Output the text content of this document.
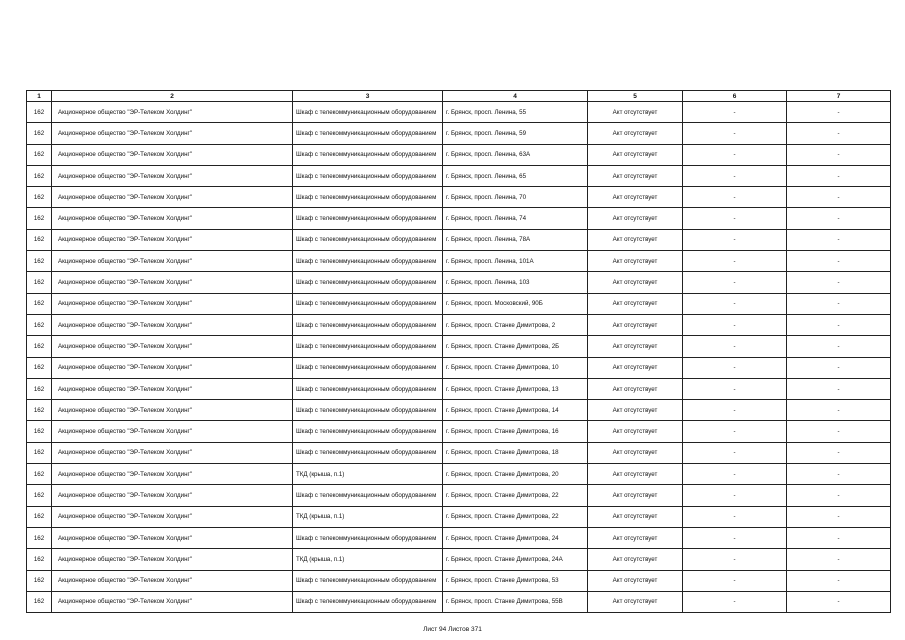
1	2	3	4	5	6	7
162	Акционерное общество "ЭР-Телеком Холдинг"	Шкаф с телекоммуникационным оборудованием	г. Брянск, просп. Ленина, 55	Акт отсутствует	-	-
162	Акционерное общество "ЭР-Телеком Холдинг"	Шкаф с телекоммуникационным оборудованием	г. Брянск, просп. Ленина, 59	Акт отсутствует	-	-
162	Акционерное общество "ЭР-Телеком Холдинг"	Шкаф с телекоммуникационным оборудованием	г. Брянск, просп. Ленина, 63А	Акт отсутствует	-	-
162	Акционерное общество "ЭР-Телеком Холдинг"	Шкаф с телекоммуникационным оборудованием	г. Брянск, просп. Ленина, 65	Акт отсутствует	-	-
162	Акционерное общество "ЭР-Телеком Холдинг"	Шкаф с телекоммуникационным оборудованием	г. Брянск, просп. Ленина, 70	Акт отсутствует	-	-
162	Акционерное общество "ЭР-Телеком Холдинг"	Шкаф с телекоммуникационным оборудованием	г. Брянск, просп. Ленина, 74	Акт отсутствует	-	-
162	Акционерное общество "ЭР-Телеком Холдинг"	Шкаф с телекоммуникационным оборудованием	г. Брянск, просп. Ленина, 78А	Акт отсутствует	-	-
162	Акционерное общество "ЭР-Телеком Холдинг"	Шкаф с телекоммуникационным оборудованием	г. Брянск, просп. Ленина, 101А	Акт отсутствует	-	-
162	Акционерное общество "ЭР-Телеком Холдинг"	Шкаф с телекоммуникационным оборудованием	г. Брянск, просп. Ленина, 103	Акт отсутствует	-	-
162	Акционерное общество "ЭР-Телеком Холдинг"	Шкаф с телекоммуникационным оборудованием	г. Брянск, просп. Московский, 90Б	Акт отсутствует	-	-
162	Акционерное общество "ЭР-Телеком Холдинг"	Шкаф с телекоммуникационным оборудованием	г. Брянск, просп. Станке Димитрова, 2	Акт отсутствует	-	-
162	Акционерное общество "ЭР-Телеком Холдинг"	Шкаф с телекоммуникационным оборудованием	г. Брянск, просп. Станке Димитрова, 2Б	Акт отсутствует	-	-
162	Акционерное общество "ЭР-Телеком Холдинг"	Шкаф с телекоммуникационным оборудованием	г. Брянск, просп. Станке Димитрова, 10	Акт отсутствует	-	-
162	Акционерное общество "ЭР-Телеком Холдинг"	Шкаф с телекоммуникационным оборудованием	г. Брянск, просп. Станке Димитрова, 13	Акт отсутствует	-	-
162	Акционерное общество "ЭР-Телеком Холдинг"	Шкаф с телекоммуникационным оборудованием	г. Брянск, просп. Станке Димитрова, 14	Акт отсутствует	-	-
162	Акционерное общество "ЭР-Телеком Холдинг"	Шкаф с телекоммуникационным оборудованием	г. Брянск, просп. Станке Димитрова, 16	Акт отсутствует	-	-
162	Акционерное общество "ЭР-Телеком Холдинг"	Шкаф с телекоммуникационным оборудованием	г. Брянск, просп. Станке Димитрова, 18	Акт отсутствует	-	-
162	Акционерное общество "ЭР-Телеком Холдинг"	ТКД (крыша, п.1)	г. Брянск, просп. Станке Димитрова, 20	Акт отсутствует	-	-
162	Акционерное общество "ЭР-Телеком Холдинг"	Шкаф с телекоммуникационным оборудованием	г. Брянск, просп. Станке Димитрова, 22	Акт отсутствует	-	-
162	Акционерное общество "ЭР-Телеком Холдинг"	ТКД (крыша, п.1)	г. Брянск, просп. Станке Димитрова, 22	Акт отсутствует	-	-
162	Акционерное общество "ЭР-Телеком Холдинг"	Шкаф с телекоммуникационным оборудованием	г. Брянск, просп. Станке Димитрова, 24	Акт отсутствует	-	-
162	Акционерное общество "ЭР-Телеком Холдинг"	ТКД (крыша, п.1)	г. Брянск, просп. Станке Димитрова, 24А	Акт отсутствует	-	-
162	Акционерное общество "ЭР-Телеком Холдинг"	Шкаф с телекоммуникационным оборудованием	г. Брянск, просп. Станке Димитрова, 53	Акт отсутствует	-	-
162	Акционерное общество "ЭР-Телеком Холдинг"	Шкаф с телекоммуникационным оборудованием	г. Брянск, просп. Станке Димитрова, 55В	Акт отсутствует	-	-
Лист 94 Листов 371
